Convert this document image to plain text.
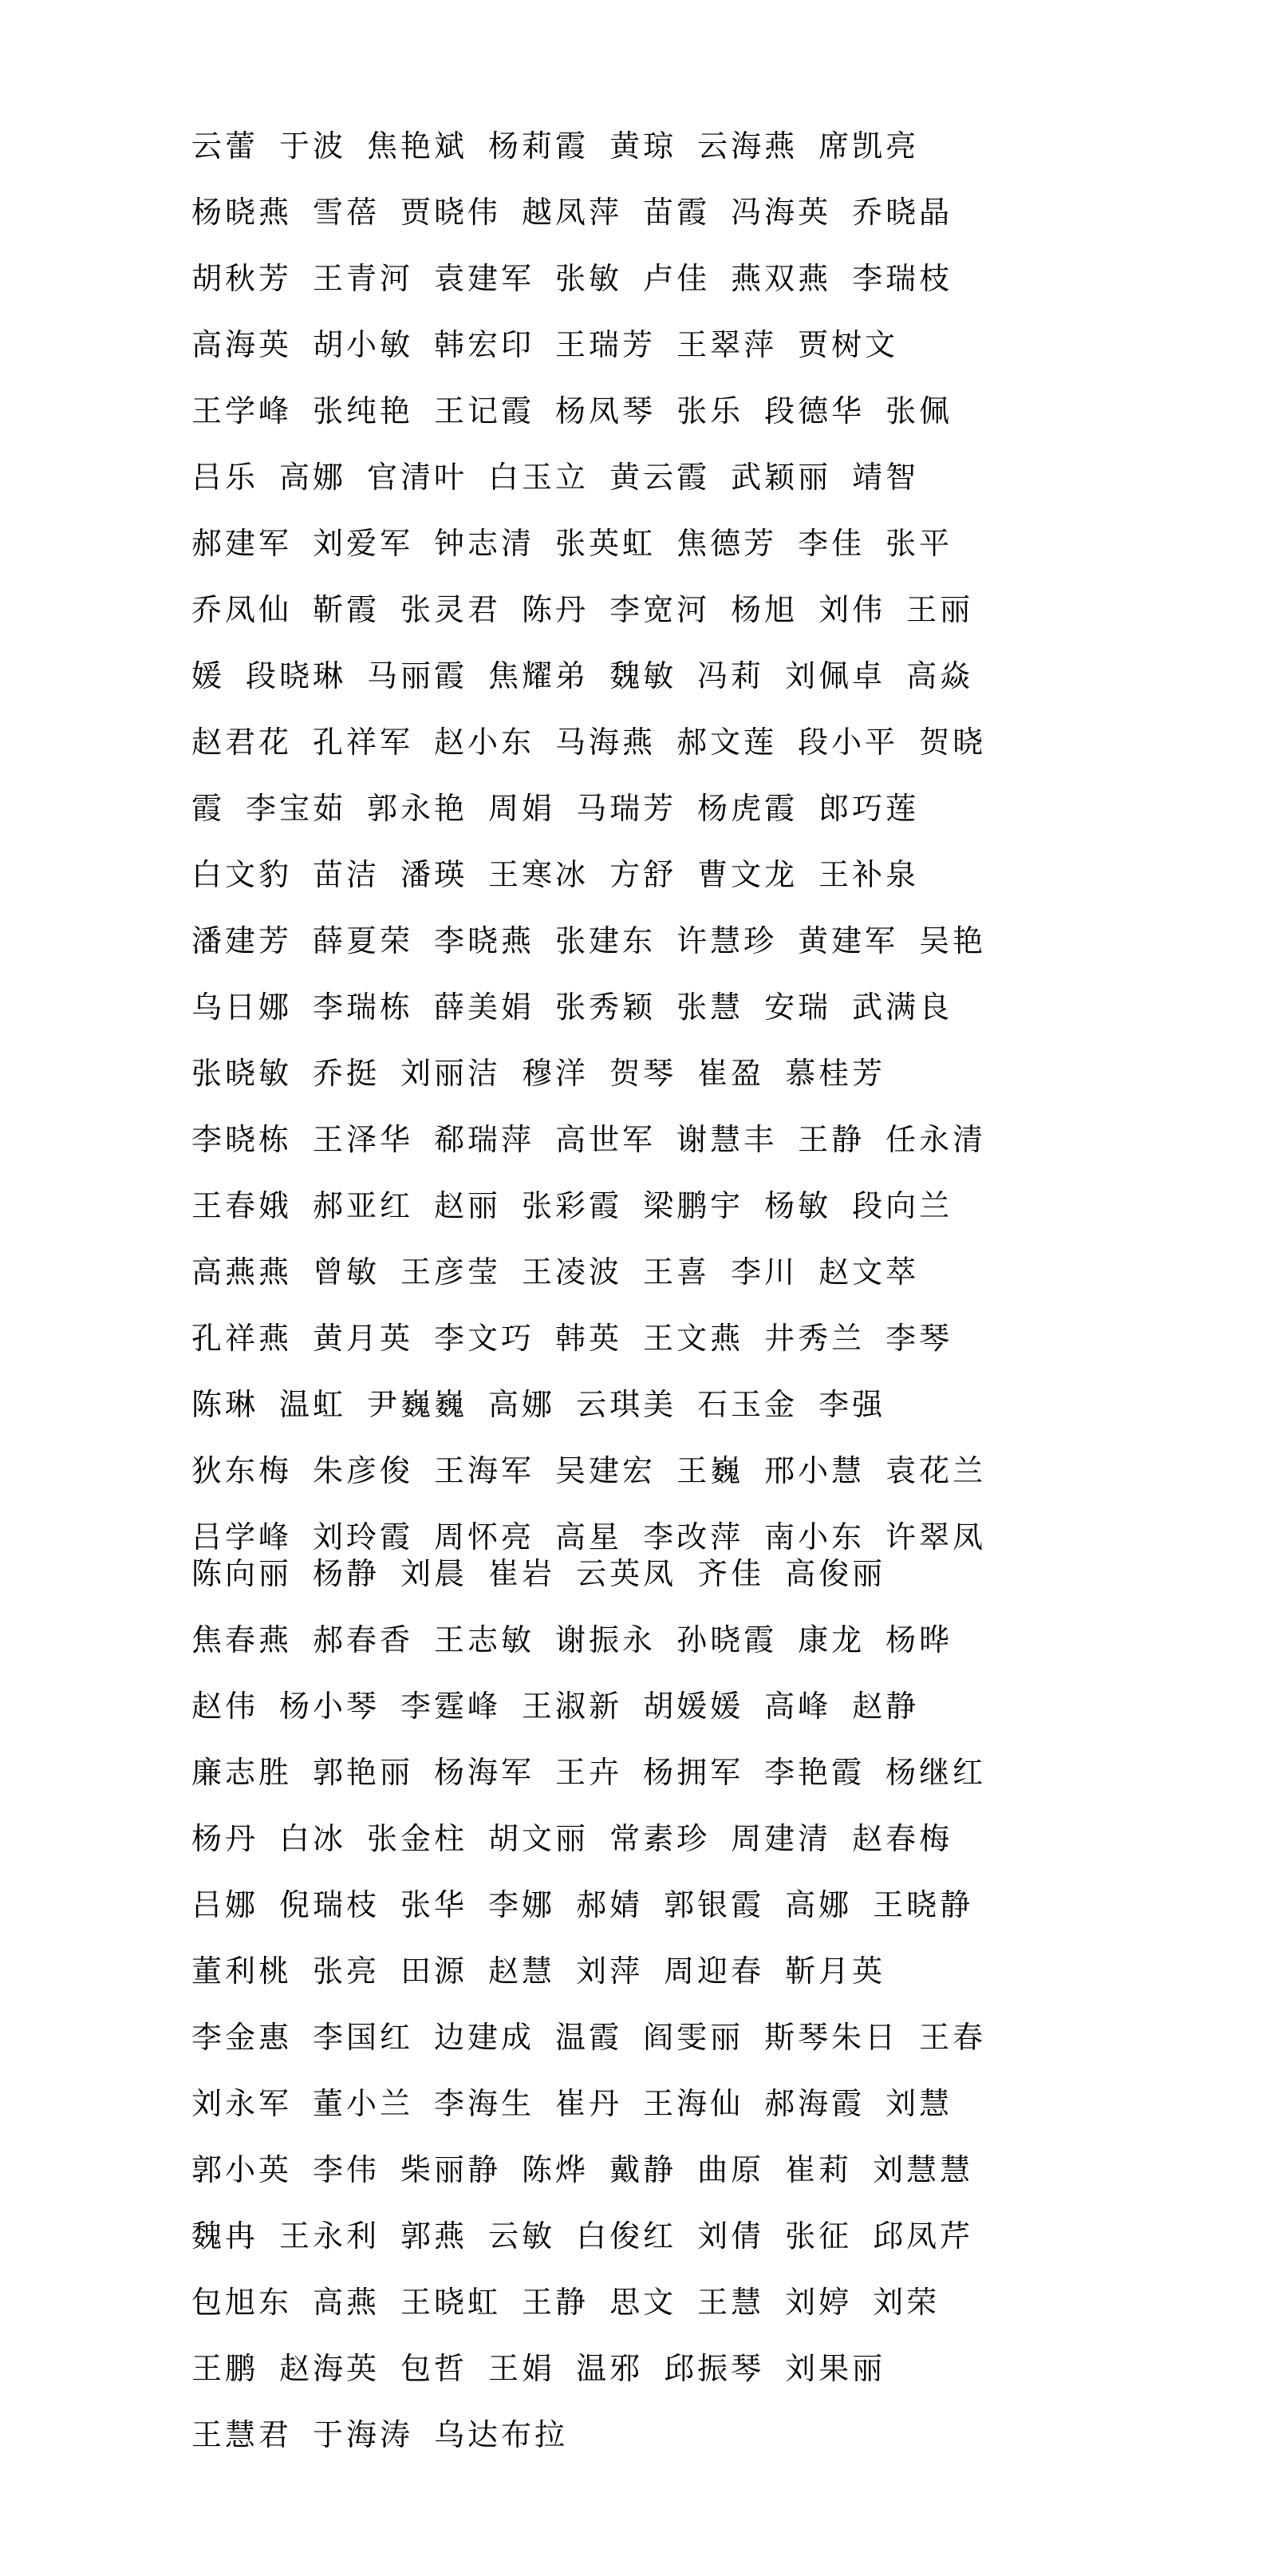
云蕾 于波 焦艳斌 杨莉霞 黄琼 云海燕 席凯亮
杨晓燕 雪蓓 贾晓伟 越凤萍 苗霞 冯海英 乔晓晶
胡秋芳 王青河 袁建军 张敏 卢佳 燕双燕 李瑞枝
高海英 胡小敏 韩宏印 王瑞芳 王翠萍 贾树文
王学峰 张纯艳 王记霞 杨凤琴 张乐 段德华 张佩
吕乐 高娜 官清叶 白玉立 黄云霞 武颖丽 靖智
郝建军 刘爱军 钟志清 张英虹 焦德芳 李佳 张平
乔凤仙 靳霞 张灵君 陈丹 李宽河 杨旭 刘伟 王丽
媛 段晓琳 马丽霞 焦耀弟 魏敏 冯莉 刘佩卓 高焱
赵君花 孔祥军 赵小东 马海燕 郝文莲 段小平 贺晓
霞 李宝茹 郭永艳 周娟 马瑞芳 杨虎霞 郎巧莲
白文豹 苗洁 潘瑛 王寒冰 方舒 曹文龙 王补泉
潘建芳 薛夏荣 李晓燕 张建东 许慧珍 黄建军 吴艳
乌日娜 李瑞栋 薛美娟 张秀颖 张慧 安瑞 武满良
张晓敏 乔挺 刘丽洁 穆洋 贺琴 崔盈 慕桂芳
李晓栋 王泽华 郗瑞萍 高世军 谢慧丰 王静 任永清
王春娥 郝亚红 赵丽 张彩霞 梁鹏宇 杨敏 段向兰
高燕燕 曾敏 王彦莹 王凌波 王喜 李川 赵文萃
孔祥燕 黄月英 李文巧 韩英 王文燕 井秀兰 李琴
陈琳 温虹 尹巍巍 高娜 云琪美 石玉金 李强
狄东梅 朱彦俊 王海军 吴建宏 王巍 邢小慧 袁花兰
吕学峰 刘玲霞 周怀亮 高星 李改萍 南小东 许翠凤
陈向丽 杨静 刘晨 崔岩 云英凤 齐佳 高俊丽
焦春燕 郝春香 王志敏 谢振永 孙晓霞 康龙 杨晔
赵伟 杨小琴 李霆峰 王淑新 胡媛媛 高峰 赵静
廉志胜 郭艳丽 杨海军 王卉 杨拥军 李艳霞 杨继红
杨丹 白冰 张金柱 胡文丽 常素珍 周建清 赵春梅
吕娜 倪瑞枝 张华 李娜 郝婧 郭银霞 高娜 王晓静
董利桃 张亮 田源 赵慧 刘萍 周迎春 靳月英
李金惠 李国红 边建成 温霞 阎雯丽 斯琴朱日 王春
刘永军 董小兰 李海生 崔丹 王海仙 郝海霞 刘慧
郭小英 李伟 柴丽静 陈烨 戴静 曲原 崔莉 刘慧慧
魏冉 王永利 郭燕 云敏 白俊红 刘倩 张征 邱凤芹
包旭东 高燕 王晓虹 王静 思文 王慧 刘婷 刘荣
王鹏 赵海英 包哲 王娟 温邪 邱振琴 刘果丽
王慧君 于海涛 乌达布拉
